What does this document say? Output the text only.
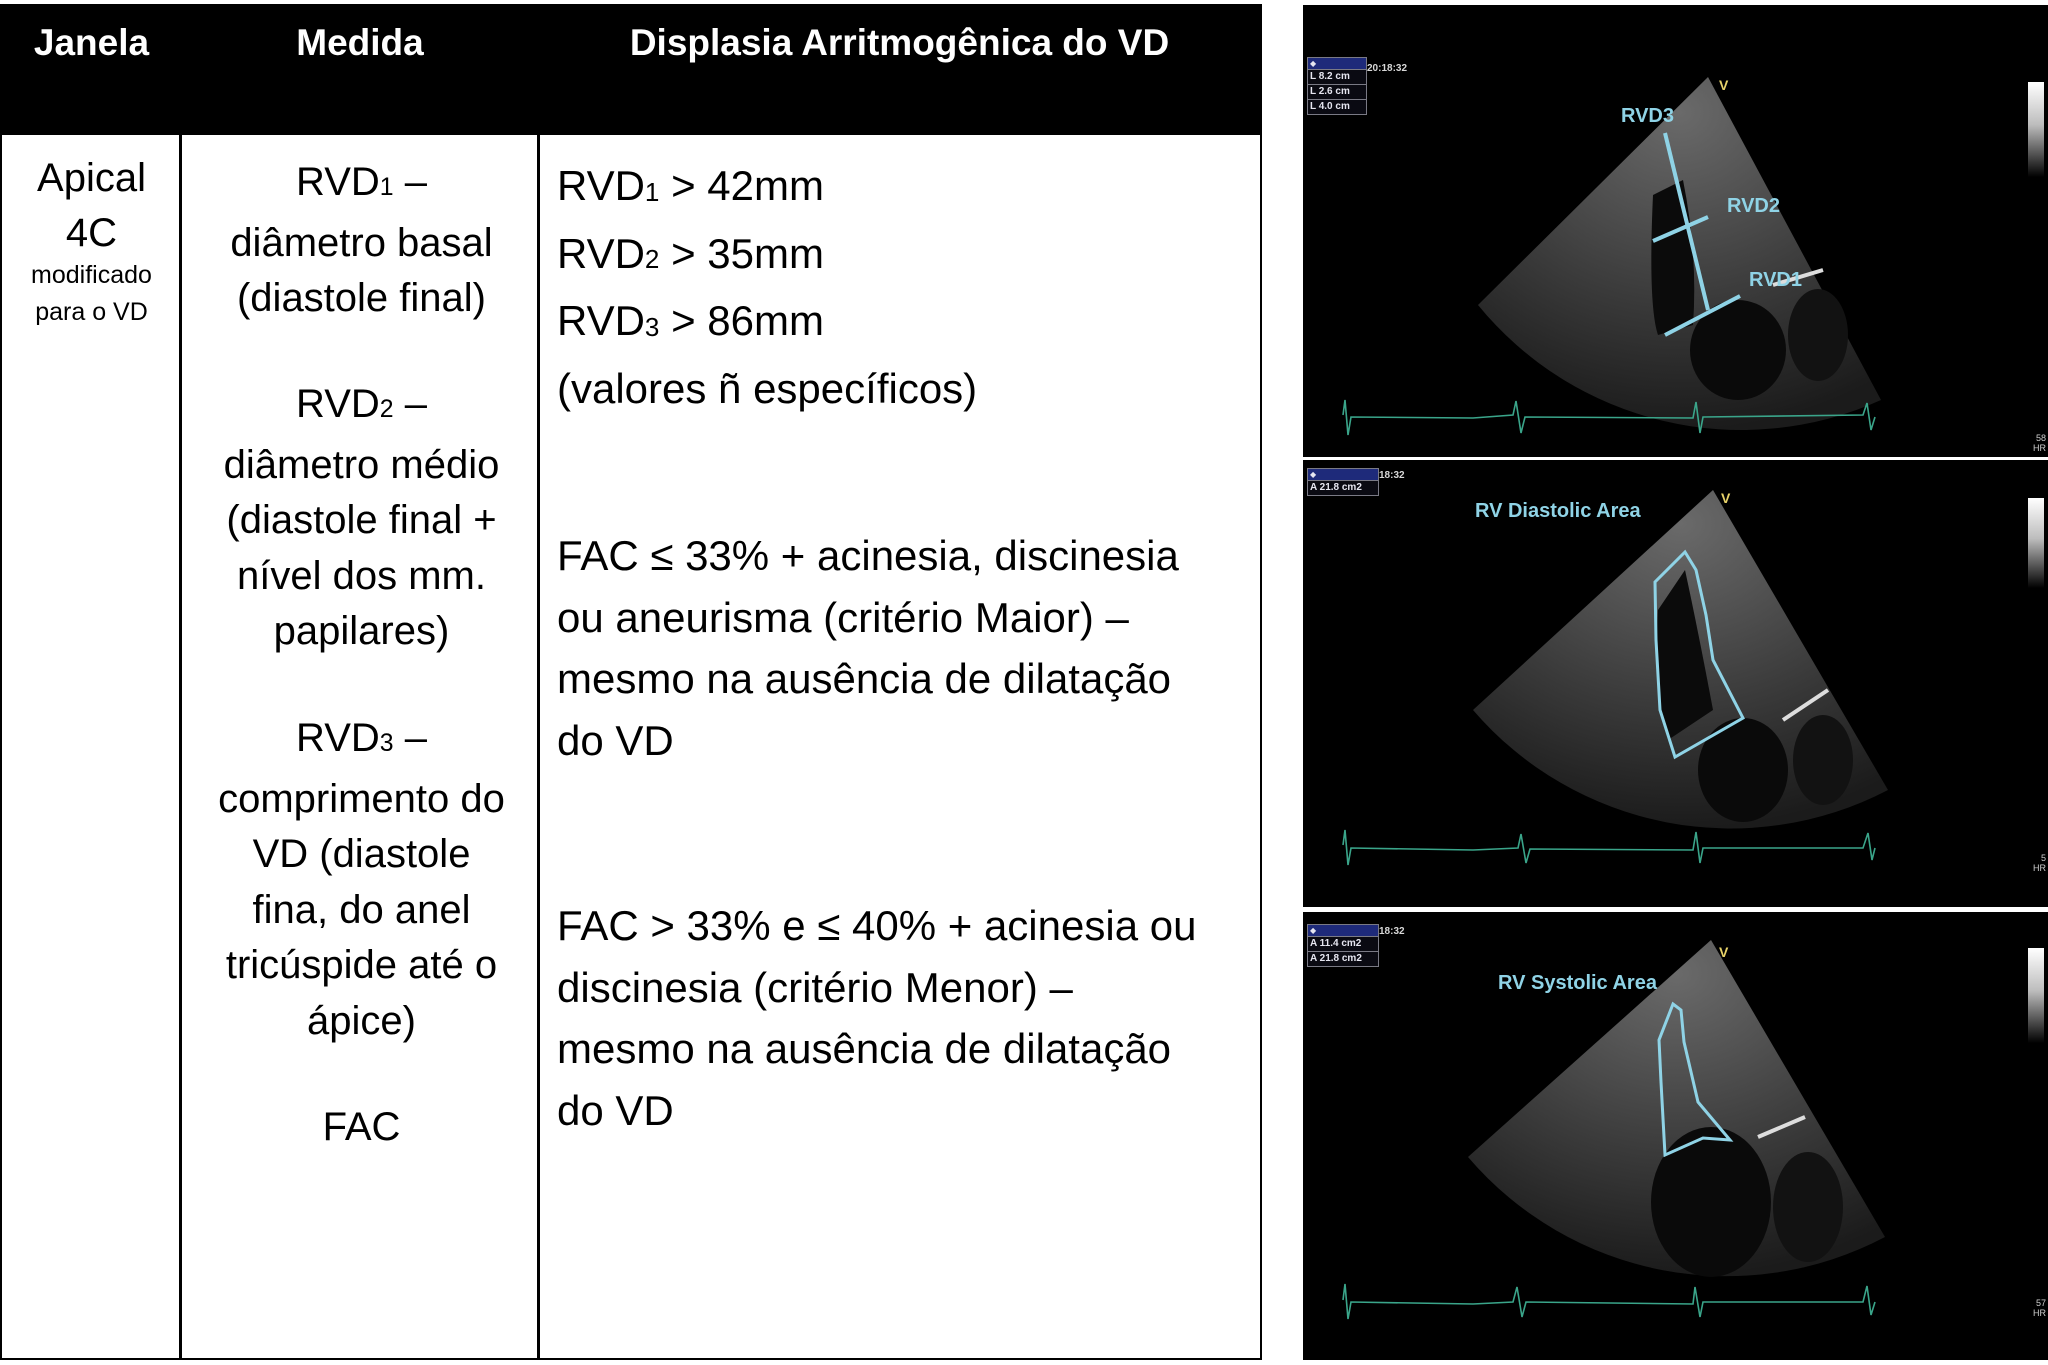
Janela	Medida	Displasia Arritmogênica do VD
Apical
4C
modificado
para o VD
$RVD_1$ –
diâmetro basal
(diastole final)
$RVD_2$ –
diâmetro médio
(diastole final +
nível dos mm.
papilares)
$RVD_3$ –
comprimento do
VD (diastole
fina, do anel
tricúspide até o
ápice)
FAC
$RVD_1 > 42mm$
$RVD_2 > 35mm$
$RVD_3 > 86mm$
(valores ñ específicos)
FAC ≤ 33% + acinesia, discinesia
ou aneurisma (critério Maior) –
mesmo na ausência de dilatação
do VD
FAC > 33% e ≤ 40% + acinesia ou
discinesia (critério Menor) –
mesmo na ausência de dilatação
do VD
◆
L 8.2 cm
L 2.6 cm
L 4.0 cm
20:18:32
V
RVD3
RVD2
RVD1
58
HR
◆
A 21.8 cm2
18:32
V
RV Diastolic Area
5
HR
◆
A 11.4 cm2
A 21.8 cm2
18:32
V
RV Systolic Area
57
HR
